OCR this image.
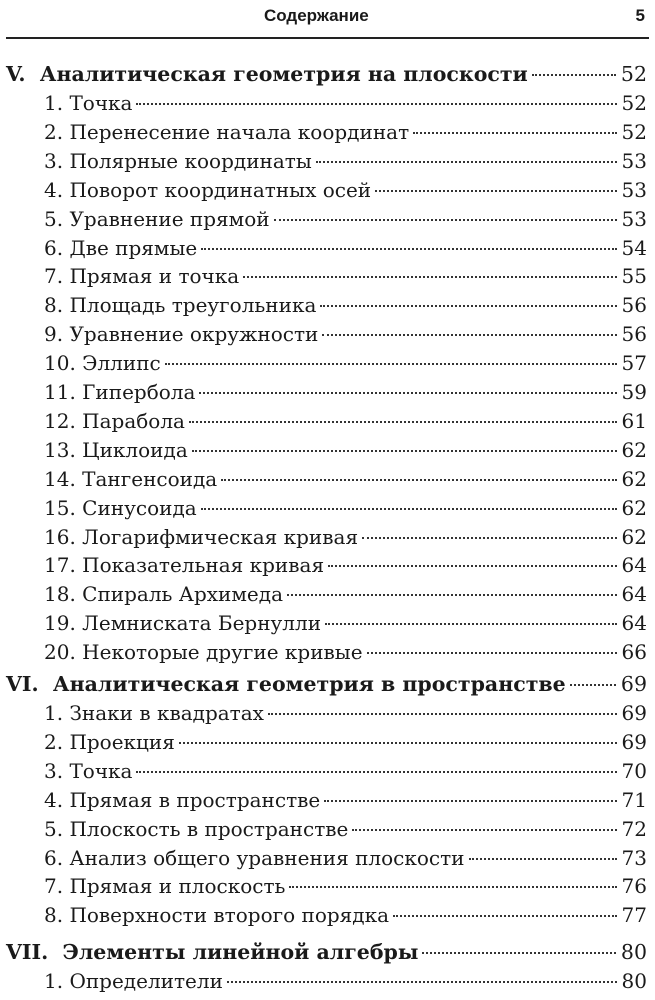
Содержание	5
V. Аналитическая геометрия на плоскости	52
1. Точка	52
2. Перенесение начала координат	52
3. Полярные координаты	53
4. Поворот координатных осей	53
5. Уравнение прямой	53
6. Две прямые	54
7. Прямая и точка	55
8. Площадь треугольника	56
9. Уравнение окружности	56
10. Эллипс	57
11. Гипербола	59
12. Парабола	61
13. Циклоида	62
14. Тангенсоида	62
15. Синусоида	62
16. Логарифмическая кривая	62
17. Показательная кривая	64
18. Спираль Архимеда	64
19. Лемниската Бернулли	64
20. Некоторые другие кривые	66
VI. Аналитическая геометрия в пространстве	69
1. Знаки в квадратах	69
2. Проекция	69
3. Точка	70
4. Прямая в пространстве	71
5. Плоскость в пространстве	72
6. Анализ общего уравнения плоскости	73
7. Прямая и плоскость	76
8. Поверхности второго порядка	77
VII. Элементы линейной алгебры	80
1. Определители	80
